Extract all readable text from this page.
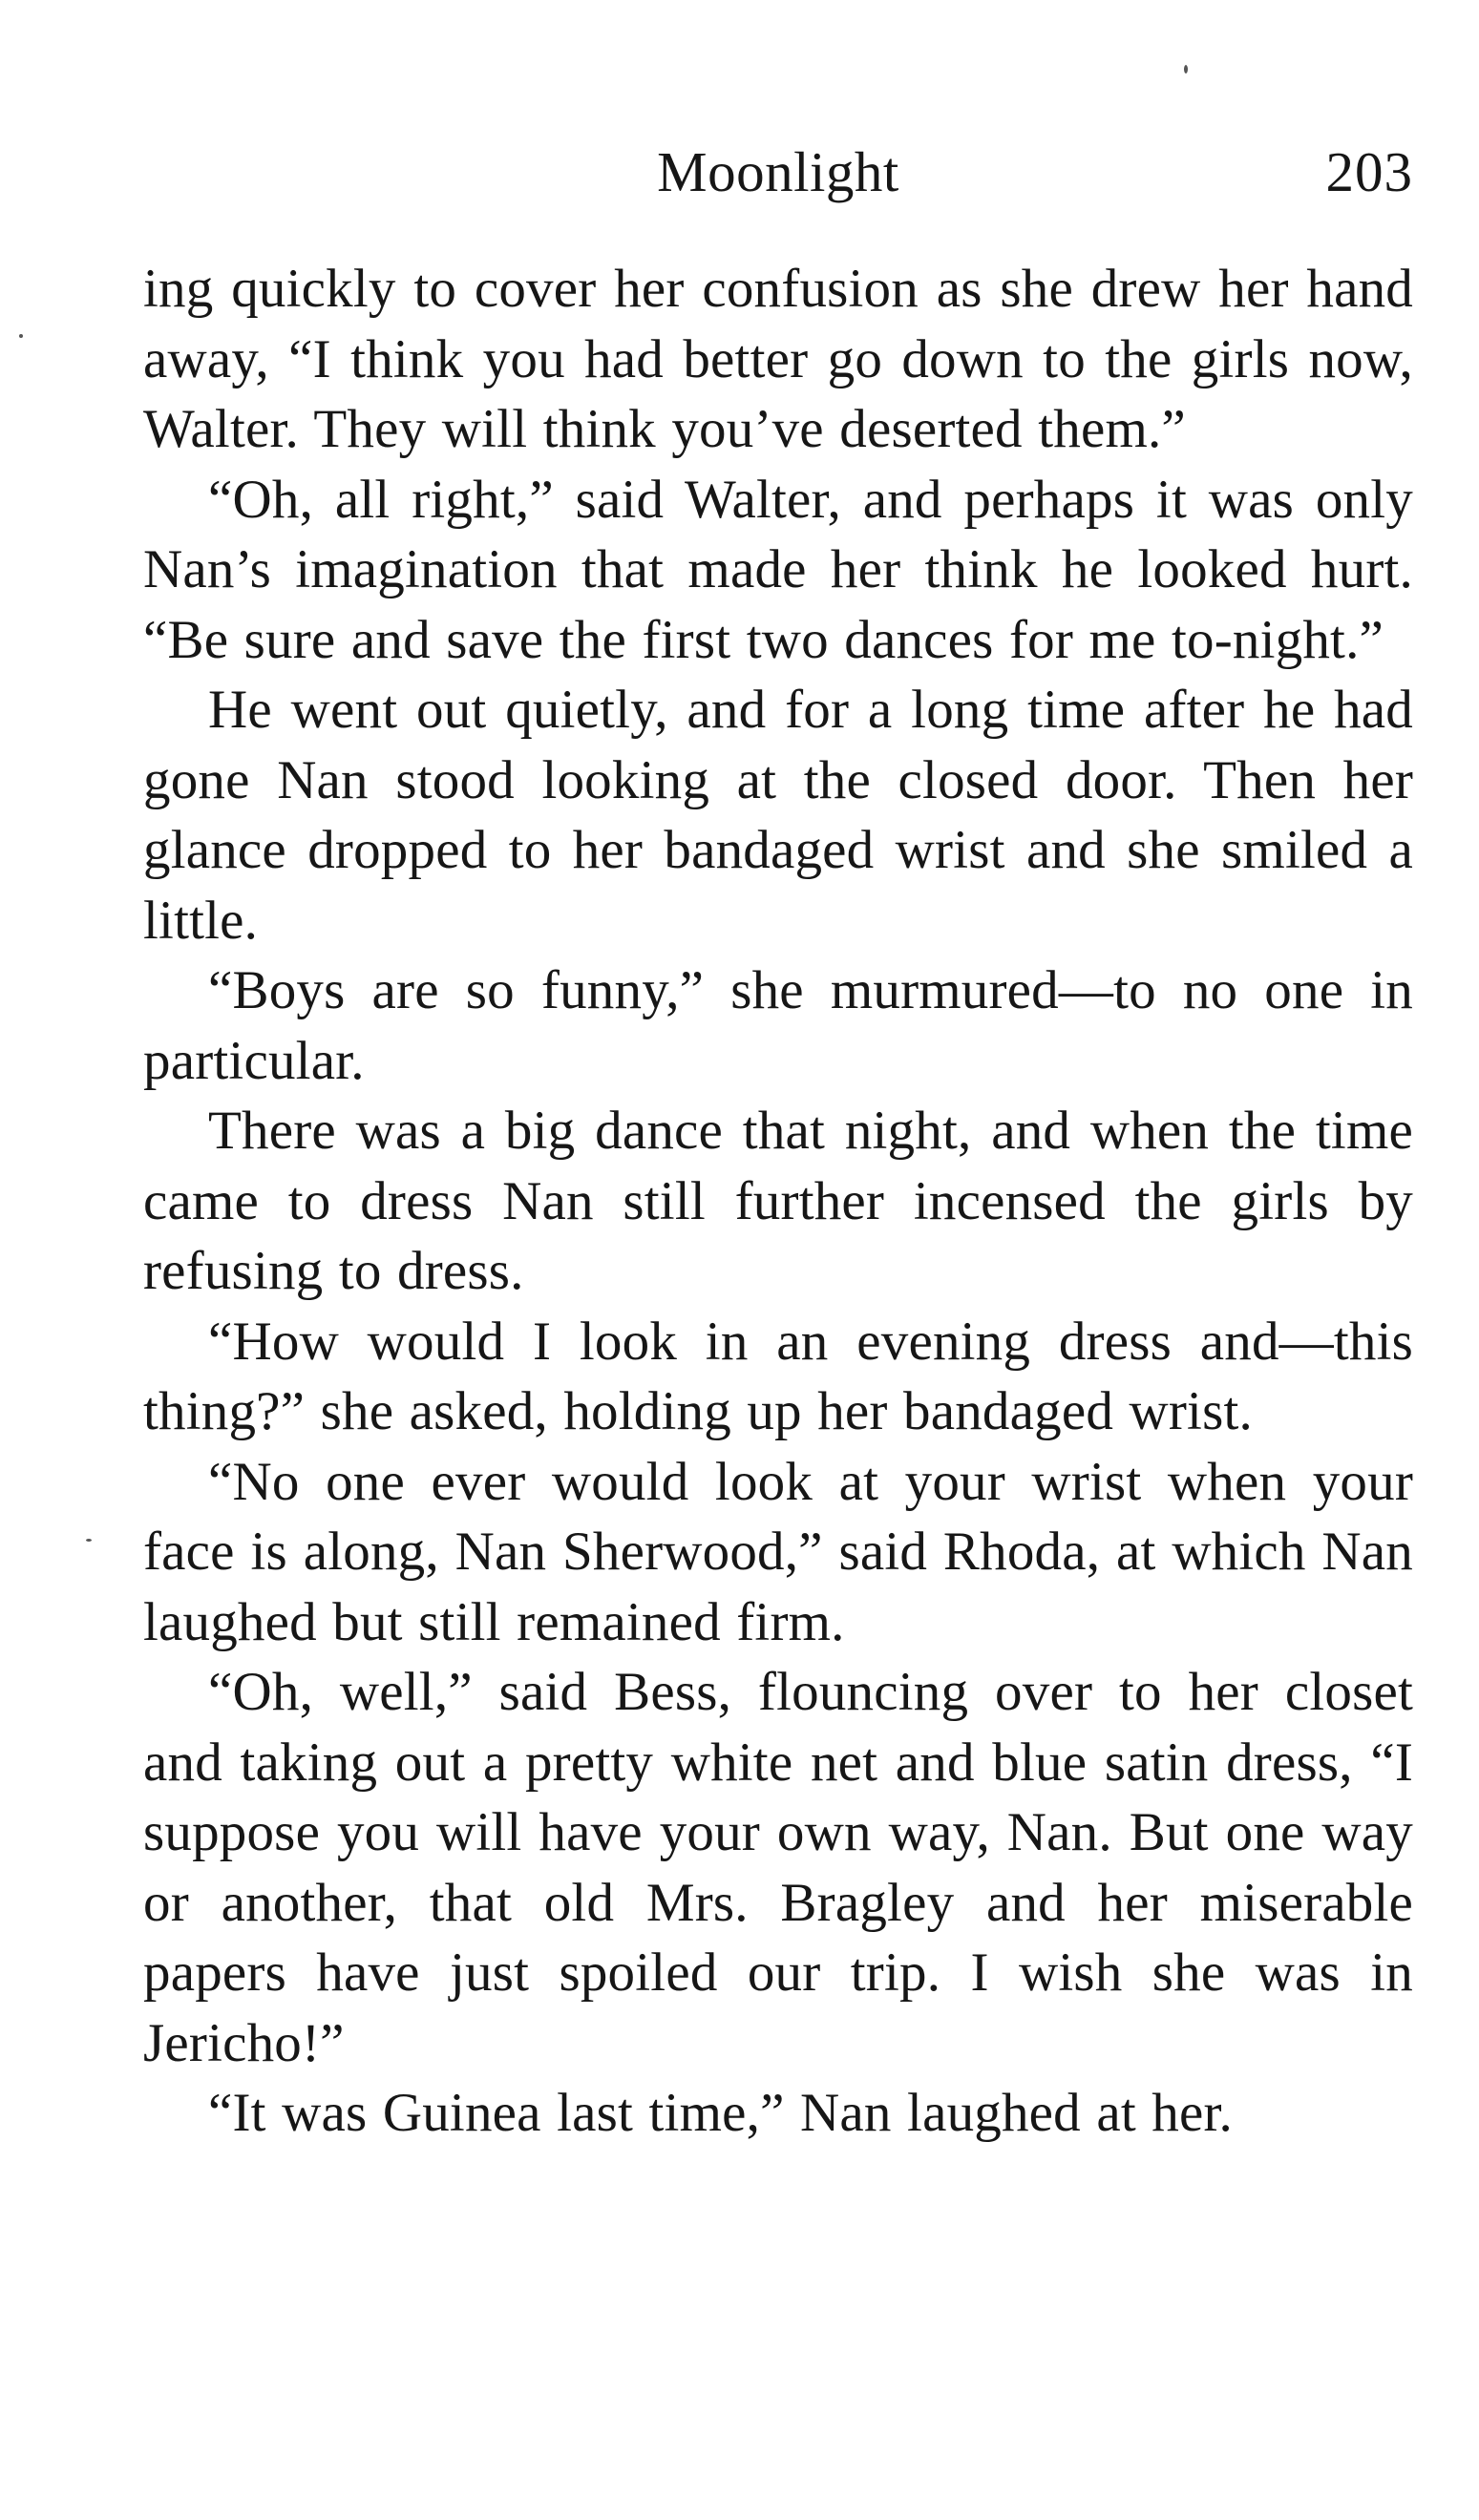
Moonlight	203

ing quickly to cover her confusion as she drew her hand away, “I think you had better go down to the girls now, Walter. They will think you’ve deserted them.”

“Oh, all right,” said Walter, and perhaps it was only Nan’s imagination that made her think he looked hurt. “Be sure and save the first two dances for me to-night.”

He went out quietly, and for a long time after he had gone Nan stood looking at the closed door. Then her glance dropped to her bandaged wrist and she smiled a little.

“Boys are so funny,” she murmured—to no one in particular.

There was a big dance that night, and when the time came to dress Nan still further incensed the girls by refusing to dress.

“How would I look in an evening dress and—this thing?” she asked, holding up her bandaged wrist.

“No one ever would look at your wrist when your face is along, Nan Sherwood,” said Rhoda, at which Nan laughed but still remained firm.

“Oh, well,” said Bess, flouncing over to her closet and taking out a pretty white net and blue satin dress, “I suppose you will have your own way, Nan. But one way or another, that old Mrs. Bragley and her miserable papers have just spoiled our trip. I wish she was in Jericho!”

“It was Guinea last time,” Nan laughed at her.
